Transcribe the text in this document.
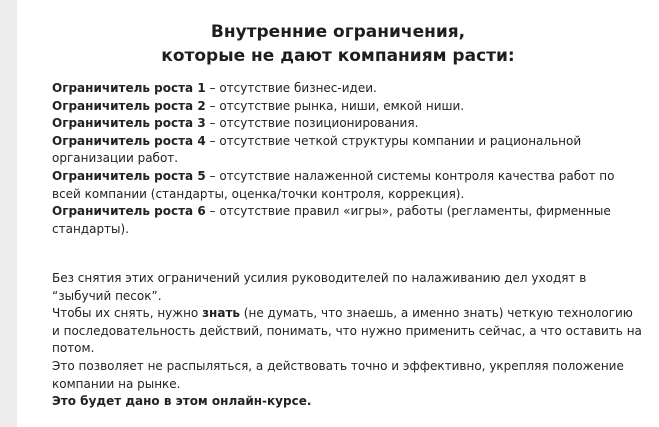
Внутренние ограничения,
которые не дают компаниям расти:

Ограничитель роста 1 – отсутствие бизнес-идеи.

Ограничитель роста 2 – отсутствие рынка, ниши, емкой ниши.

Ограничитель роста 3 – отсутствие позиционирования.

Ограничитель роста 4 – отсутствие четкой структуры компании и рациональной организации работ.

Ограничитель роста 5 – отсутствие налаженной системы контроля качества работ по всей компании (стандарты, оценка/точки контроля, коррекция).

Ограничитель роста 6 – отсутствие правил «игры», работы (регламенты, фирменные стандарты).

Без снятия этих ограничений усилия руководителей по налаживанию дел уходят в “зыбучий песок”.

Чтобы их снять, нужно знать (не думать, что знаешь, а именно знать) четкую технологию и последовательность действий, понимать, что нужно применить сейчас, а что оставить на потом.

Это позволяет не распыляться, а действовать точно и эффективно, укрепляя положение компании на рынке.

Это будет дано в этом онлайн-курсе.
